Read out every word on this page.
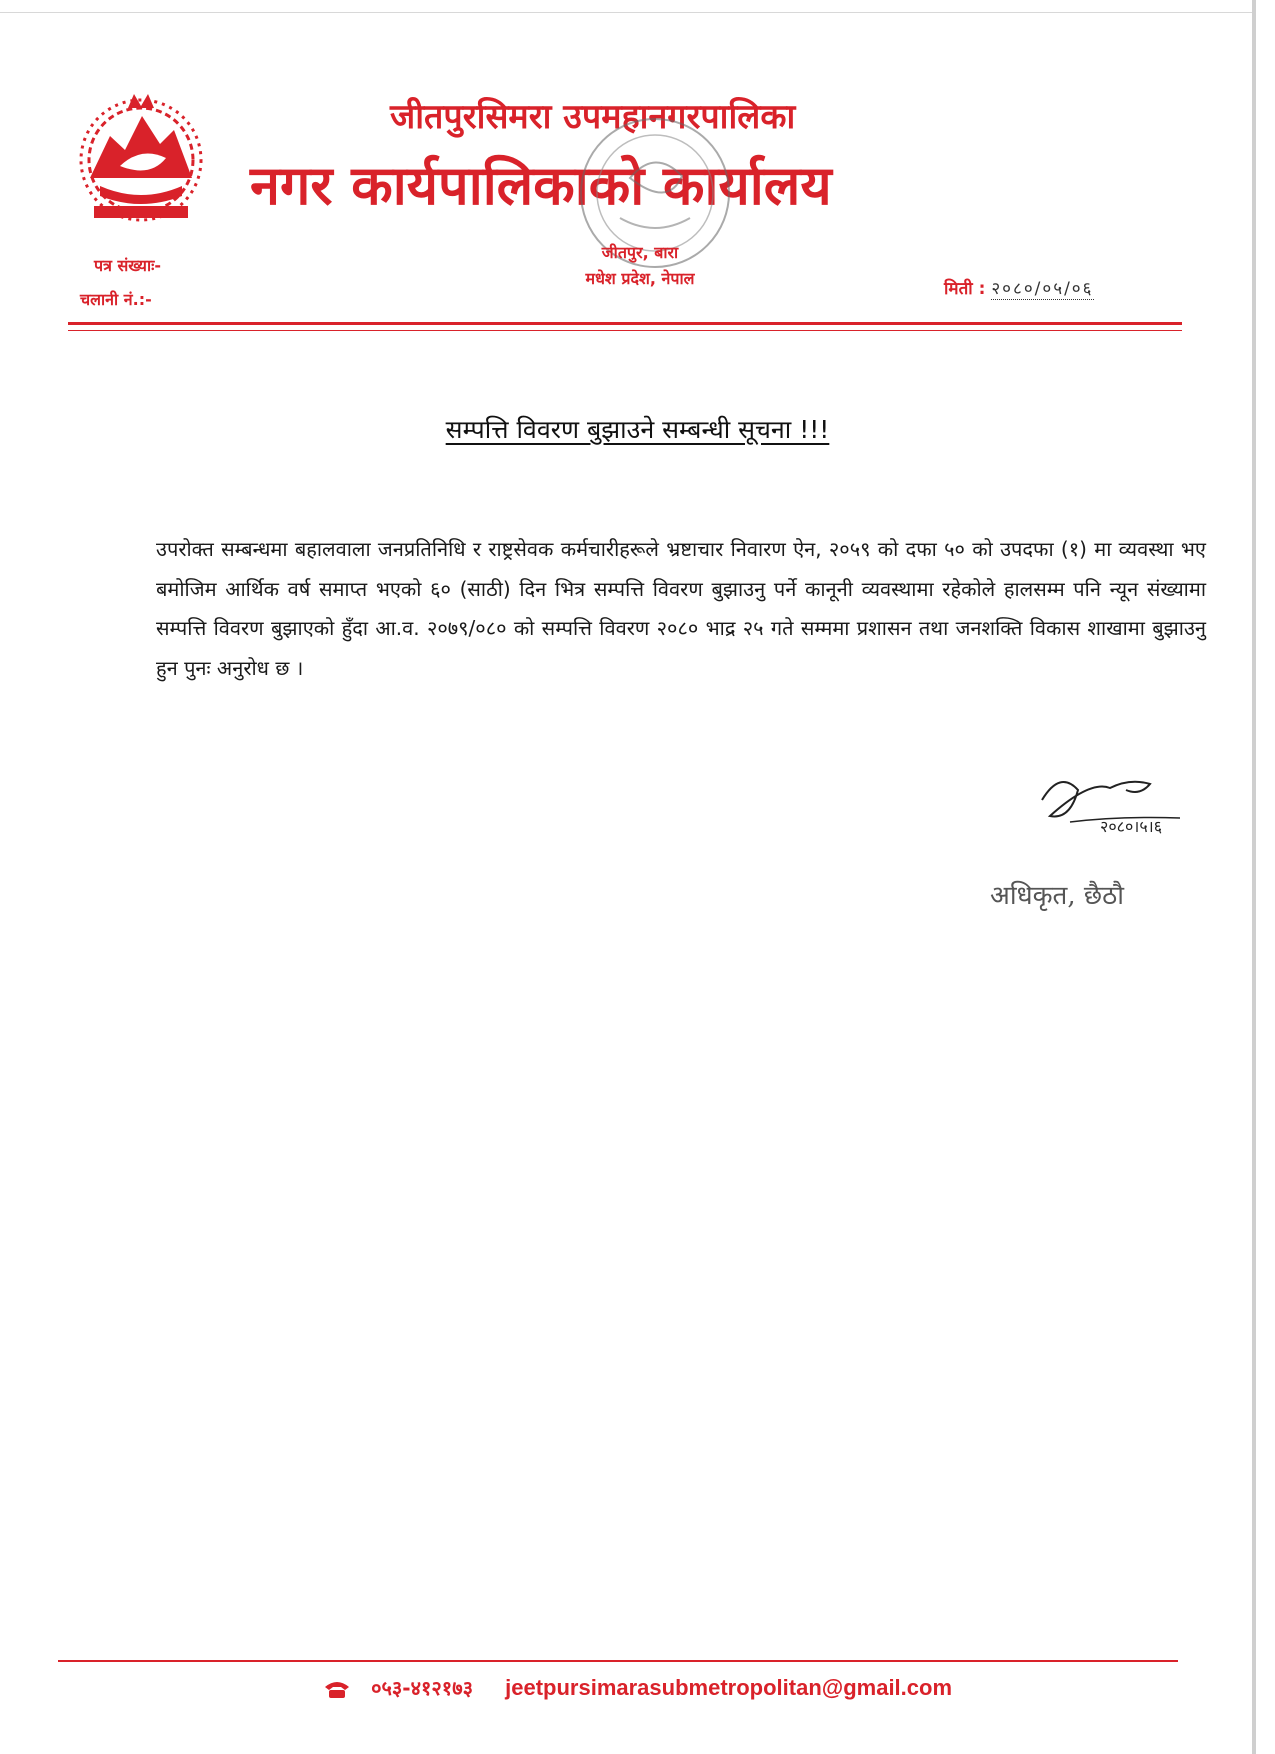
जीतपुरसिमरा उपमहानगरपालिका
नगर कार्यपालिकाको कार्यालय
जीतपुर, बारा
मधेश प्रदेश, नेपाल
पत्र संख्याः-
चलानी नं.:-
मिती : २०८०/०५/०६
सम्पत्ति विवरण बुझाउने सम्बन्धी सूचना !!!
उपरोक्त सम्बन्धमा बहालवाला जनप्रतिनिधि र राष्ट्रसेवक कर्मचारीहरूले भ्रष्टाचार निवारण ऐन, २०५९ को दफा ५० को उपदफा (१) मा व्यवस्था भए बमोजिम आर्थिक वर्ष समाप्त भएको ६० (साठी) दिन भित्र सम्पत्ति विवरण बुझाउनु पर्ने कानूनी व्यवस्थामा रहेकोले हालसम्म पनि न्यून संख्यामा सम्पत्ति विवरण बुझाएको हुँदा आ.व. २०७९/०८० को सम्पत्ति विवरण २०८० भाद्र २५ गते सम्ममा प्रशासन तथा जनशक्ति विकास शाखामा बुझाउनु हुन पुनः अनुरोध छ ।
२०८०।५।६
अधिकृत, छैठौ
०५३-४१२१७३ jeetpursimarasubmetropolitan@gmail.com
